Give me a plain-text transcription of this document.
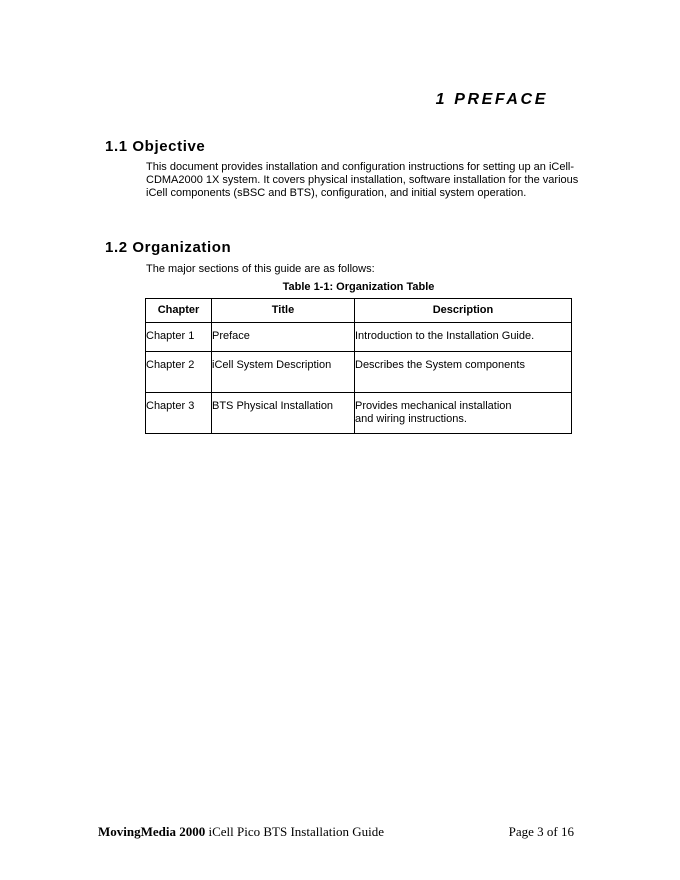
1 PREFACE
1.1 Objective
This document provides installation and configuration instructions for setting up an iCell-CDMA2000 1X system. It covers physical installation, software installation for the various iCell components (sBSC and BTS), configuration, and initial system operation.
1.2 Organization
The major sections of this guide are as follows:
Table 1-1: Organization Table
Chapter	Title	Description
Chapter 1	Preface	Introduction to the Installation Guide.
Chapter 2	iCell System Description	Describes the System components
Chapter 3	BTS Physical Installation	Provides mechanical installation
and wiring instructions.
MovingMedia 2000 iCell Pico BTS Installation Guide	Page 3 of 16
